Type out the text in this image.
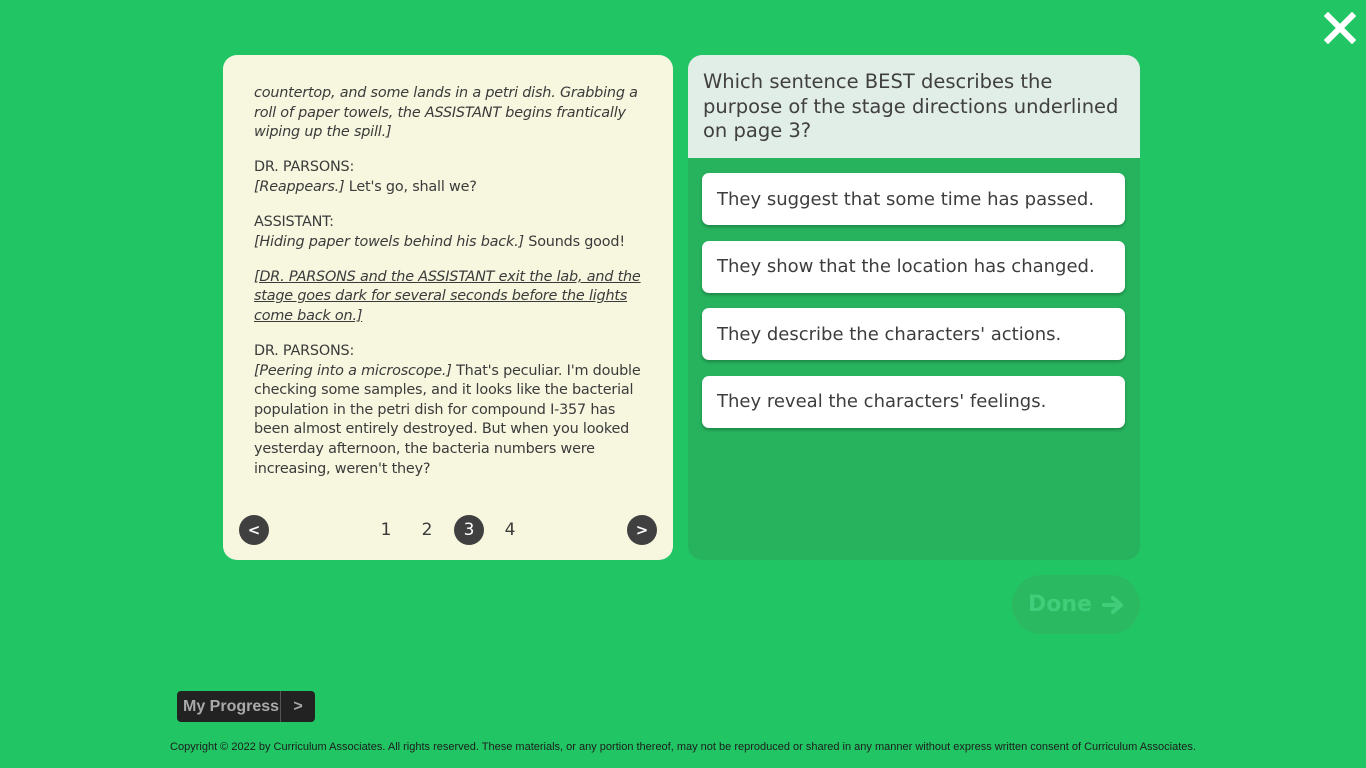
countertop, and some lands in a petri dish. Grabbing a roll of paper towels, the ASSISTANT begins frantically wiping up the spill.]

DR. PARSONS:
[Reappears.] Let's go, shall we?

ASSISTANT:
[Hiding paper towels behind his back.] Sounds good!

[DR. PARSONS and the ASSISTANT exit the lab, and the stage goes dark for several seconds before the lights come back on.]

DR. PARSONS:
[Peering into a microscope.] That's peculiar. I'm double checking some samples, and it looks like the bacterial population in the petri dish for compound I-357 has been almost entirely destroyed. But when you looked yesterday afternoon, the bacteria numbers were increasing, weren't they?

<	1	2	3	4	>
Which sentence BEST describes the purpose of the stage directions underlined on page 3?
They suggest that some time has passed.
They show that the location has changed.
They describe the characters' actions.
They reveal the characters' feelings.
Done
My Progress >
Copyright © 2022 by Curriculum Associates. All rights reserved. These materials, or any portion thereof, may not be reproduced or shared in any manner without express written consent of Curriculum Associates.
